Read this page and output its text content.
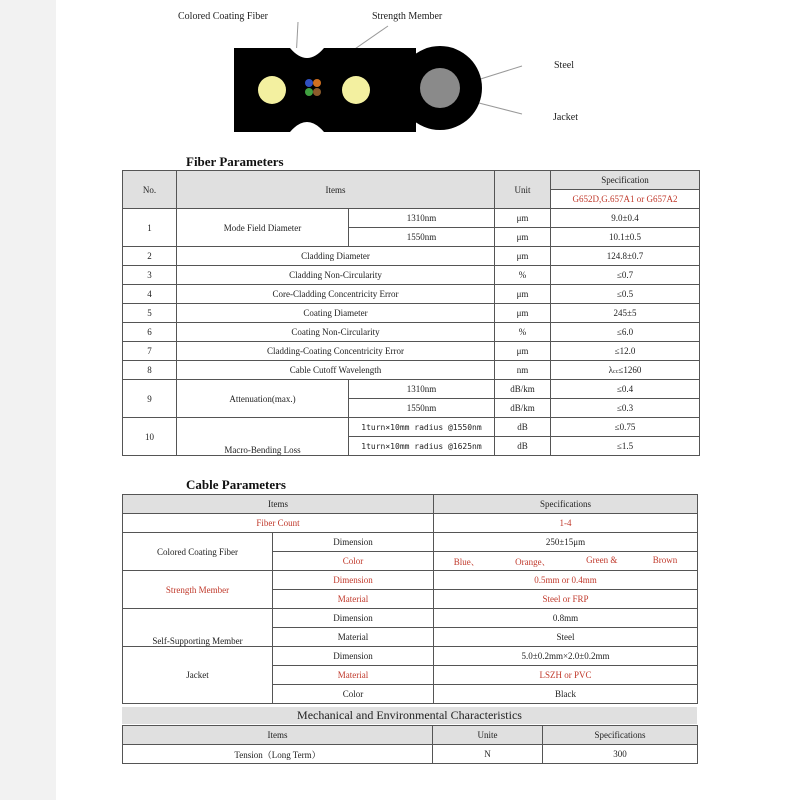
Colored Coating Fiber	Strength Member
Steel
Jacket
Fiber Parameters
No.	Items		Unit	Specification
				G652D,G.657A1 or G657A2
1	Mode Field Diameter	1310nm	μm	9.0±0.4
		1550nm	μm	10.1±0.5
2	Cladding Diameter		μm	124.8±0.7
3	Cladding Non-Circularity		%	≤0.7
4	Core-Cladding Concentricity Error		μm	≤0.5
5	Coating Diameter		μm	245±5
6	Coating Non-Circularity		%	≤6.0
7	Cladding-Coating Concentricity Error		μm	≤12.0
8	Cable Cutoff Wavelength		nm	λcc≤1260
9	Attenuation(max.)	1310nm	dB/km	≤0.4
		1550nm	dB/km	≤0.3
10	Macro-Bending Loss	1turn×10mm radius @1550nm	dB	≤0.75
		1turn×10mm radius @1625nm	dB	≤1.5
Cable Parameters
Items		Specifications
Fiber Count		1-4
Colored Coating Fiber	Dimension	250±15μm
	Color	Blue、 Orange、 Green & Brown

Strength Member	Dimension	0.5mm or 0.4mm
	Material	Steel or FRP
Self-Supporting Member	Dimension	0.8mm
	Material	Steel
Jacket	Dimension	5.0±0.2mm×2.0±0.2mm
	Material	LSZH or PVC
	Color	Black
Mechanical and Environmental Characteristics
Items	Unite	Specifications
Tension（Long Term）	N	300
